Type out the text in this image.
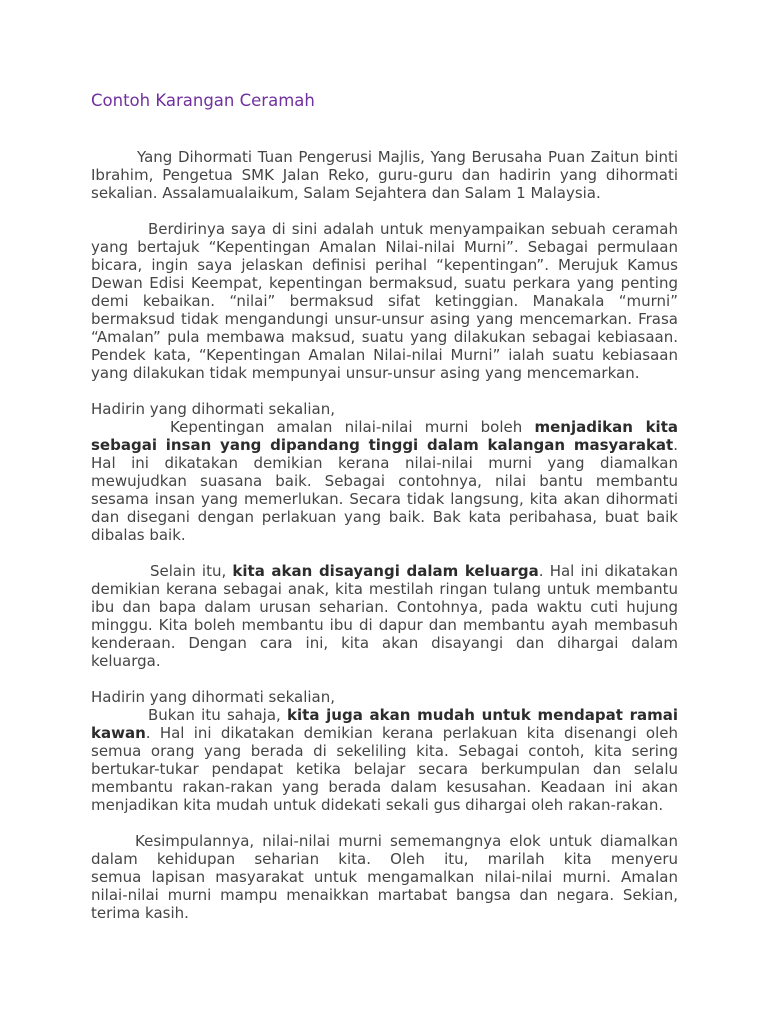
Contoh Karangan Ceramah
Yang Dihormati Tuan Pengerusi Majlis, Yang Berusaha Puan Zaitun binti
Ibrahim, Pengetua SMK Jalan Reko, guru-guru dan hadirin yang dihormati
sekalian. Assalamualaikum, Salam Sejahtera dan Salam 1 Malaysia.
Berdirinya saya di sini adalah untuk menyampaikan sebuah ceramah
yang bertajuk “Kepentingan Amalan Nilai-nilai Murni”. Sebagai permulaan
bicara, ingin saya jelaskan definisi perihal “kepentingan”. Merujuk Kamus
Dewan Edisi Keempat, kepentingan bermaksud, suatu perkara yang penting
demi kebaikan. “nilai” bermaksud sifat ketinggian. Manakala “murni”
bermaksud tidak mengandungi unsur-unsur asing yang mencemarkan. Frasa
“Amalan” pula membawa maksud, suatu yang dilakukan sebagai kebiasaan.
Pendek kata, “Kepentingan Amalan Nilai-nilai Murni” ialah suatu kebiasaan
yang dilakukan tidak mempunyai unsur-unsur asing yang mencemarkan.
Hadirin yang dihormati sekalian,
Kepentingan amalan nilai-nilai murni boleh menjadikan kita
sebagai insan yang dipandang tinggi dalam kalangan masyarakat.
Hal ini dikatakan demikian kerana nilai-nilai murni yang diamalkan
mewujudkan suasana baik. Sebagai contohnya, nilai bantu membantu
sesama insan yang memerlukan. Secara tidak langsung, kita akan dihormati
dan disegani dengan perlakuan yang baik. Bak kata peribahasa, buat baik
dibalas baik.
Selain itu, kita akan disayangi dalam keluarga. Hal ini dikatakan
demikian kerana sebagai anak, kita mestilah ringan tulang untuk membantu
ibu dan bapa dalam urusan seharian. Contohnya, pada waktu cuti hujung
minggu. Kita boleh membantu ibu di dapur dan membantu ayah membasuh
kenderaan. Dengan cara ini, kita akan disayangi dan dihargai dalam
keluarga.
Hadirin yang dihormati sekalian,
Bukan itu sahaja, kita juga akan mudah untuk mendapat ramai
kawan. Hal ini dikatakan demikian kerana perlakuan kita disenangi oleh
semua orang yang berada di sekeliling kita. Sebagai contoh, kita sering
bertukar-tukar pendapat ketika belajar secara berkumpulan dan selalu
membantu rakan-rakan yang berada dalam kesusahan. Keadaan ini akan
menjadikan kita mudah untuk didekati sekali gus dihargai oleh rakan-rakan.
Kesimpulannya, nilai-nilai murni sememangnya elok untuk diamalkan
dalam kehidupan seharian kita. Oleh itu, marilah kita menyeru
semua lapisan masyarakat untuk mengamalkan nilai-nilai murni. Amalan
nilai-nilai murni mampu menaikkan martabat bangsa dan negara. Sekian,
terima kasih.
